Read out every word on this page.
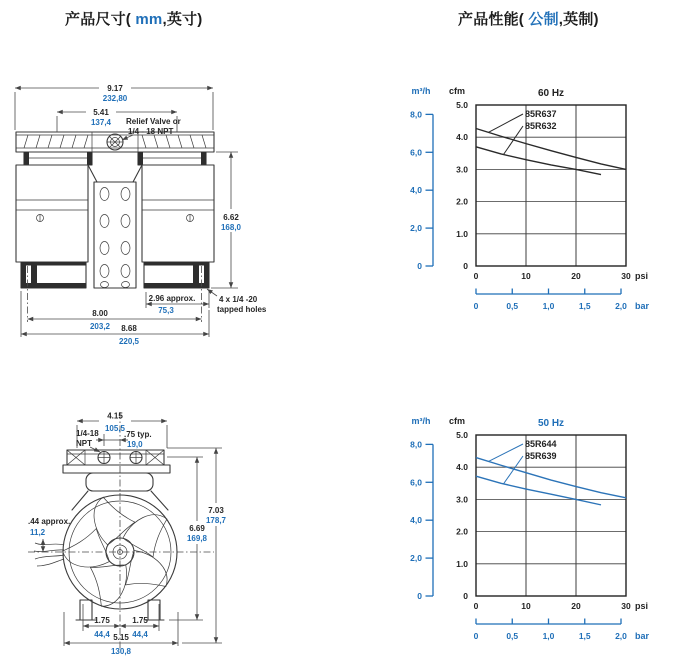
产品尺寸( mm,英寸)	产品性能( 公制,英制)
9.17
232,80
5.41
137,4 Relief Valve or
1/4 - 18 NPT
6.62
168,0
2.96 approx.
75,3
4 x 1/4 -20
tapped holes
8.00
203,2 8.68
220,5
4.15
105,5
.75 typ.
19,0
1/4-18
NPT
7.03
178,7
6.69
169,8
.44 approx.
11,2
1.75
44,4
1.75
44,4
5.15
130,8
60 Hz
m³/h cfm
5.0
4.0
3.0
2.0
1.0
0
8,0
6,0
4,0
2,0
0
0	10	20	30 psi
0	0,5	1,0	1,5	2,0 bar
85R637
85R632
50 Hz
m³/h cfm
5.0
4.0
3.0
2.0
1.0
0
8,0
6,0
4,0
2,0
0
0	10	20	30 psi
0	0,5	1,0	1,5	2,0 bar
85R644
85R639
